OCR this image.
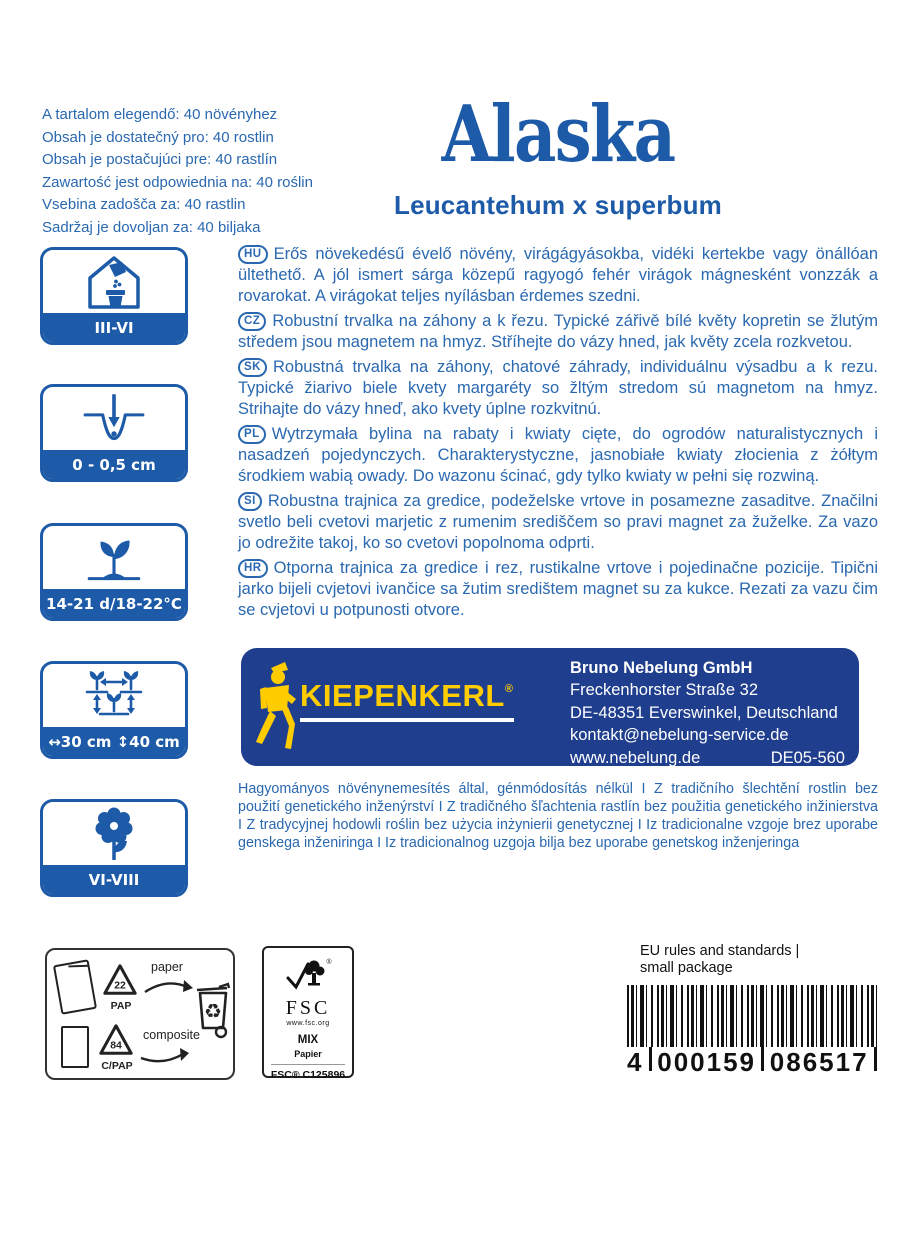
A tartalom elegendő: 40 növényhez
Obsah je dostatečný pro: 40 rostlin
Obsah je postačujúci pre: 40 rastlín
Zawartość jest odpowiednia na: 40 roślin
Vsebina zadošča za: 40 rastlin
Sadržaj je dovoljan za: 40 biljaka
Alaska
Leucantehum x superbum
III-VI
0 - 0,5 cm
14-21 d/18-22°C
↔30 cm ↕40 cm
VI-VIII

HU Erős növekedésű évelő növény, virágágyásokba, vidéki kertekbe vagy önállóan ültethető. A jól ismert sárga közepű ragyogó fehér virágok mágnesként vonzzák a rovarokat. A virágokat teljes nyílásban érdemes szedni.

CZ Robustní trvalka na záhony a k řezu. Typické zářivě bílé květy kopretin se žlutým středem jsou magnetem na hmyz. Stříhejte do vázy hned, jak květy zcela rozkvetou.

SK Robustná trvalka na záhony, chatové záhrady, individuálnu výsadbu a k rezu. Typické žiarivo biele kvety margaréty so žltým stredom sú magnetom na hmyz. Strihajte do vázy hneď, ako kvety úplne rozkvitnú.

PL Wytrzymała bylina na rabaty i kwiaty cięte, do ogrodów naturalistycznych i nasadzeń pojedynczych. Charakterystyczne, jasnobiałe kwiaty złocienia z żółtym środkiem wabią owady. Do wazonu ścinać, gdy tylko kwiaty w pełni się rozwiną.

SI Robustna trajnica za gredice, podeželske vrtove in posamezne zasaditve. Značilni svetlo beli cvetovi marjetic z rumenim središčem so pravi magnet za žuželke. Za vazo jo odrežite takoj, ko so cvetovi popolnoma odprti.

HR Otporna trajnica za gredice i rez, rustikalne vrtove i pojedinačne pozicije. Tipični jarko bijeli cvjetovi ivančice sa žutim središtem magnet su za kukce. Rezati za vazu čim se cvjetovi u potpunosti otvore.

KIEPENKERL®
Bruno Nebelung GmbH
Freckenhorster Straße 32
DE-48351 Everswinkel, Deutschland
kontakt@nebelung-service.de
www.nebelung.de	DE05-560
Hagyományos növénynemesítés által, génmódosítás nélkül I Z tradičního šlechtění rostlin bez použití genetického inženýrství I Z tradičného šľachtenia rastlín bez použitia genetického inžinierstva I Z tradycyjnej hodowli roślin bez użycia inżynierii genetycznej I Iz tradicionalne vzgoje brez uporabe genskega inženiringa I Iz tradicionalnog uzgoja bilja bez uporabe genetskog inženjeringa
22
PAP
paper
84
C/PAP
composite
♻
®
FSC
www.fsc.org
MIX
Papier
FSC® C125896
EU rules and standards |
small package
4 000159 086517
